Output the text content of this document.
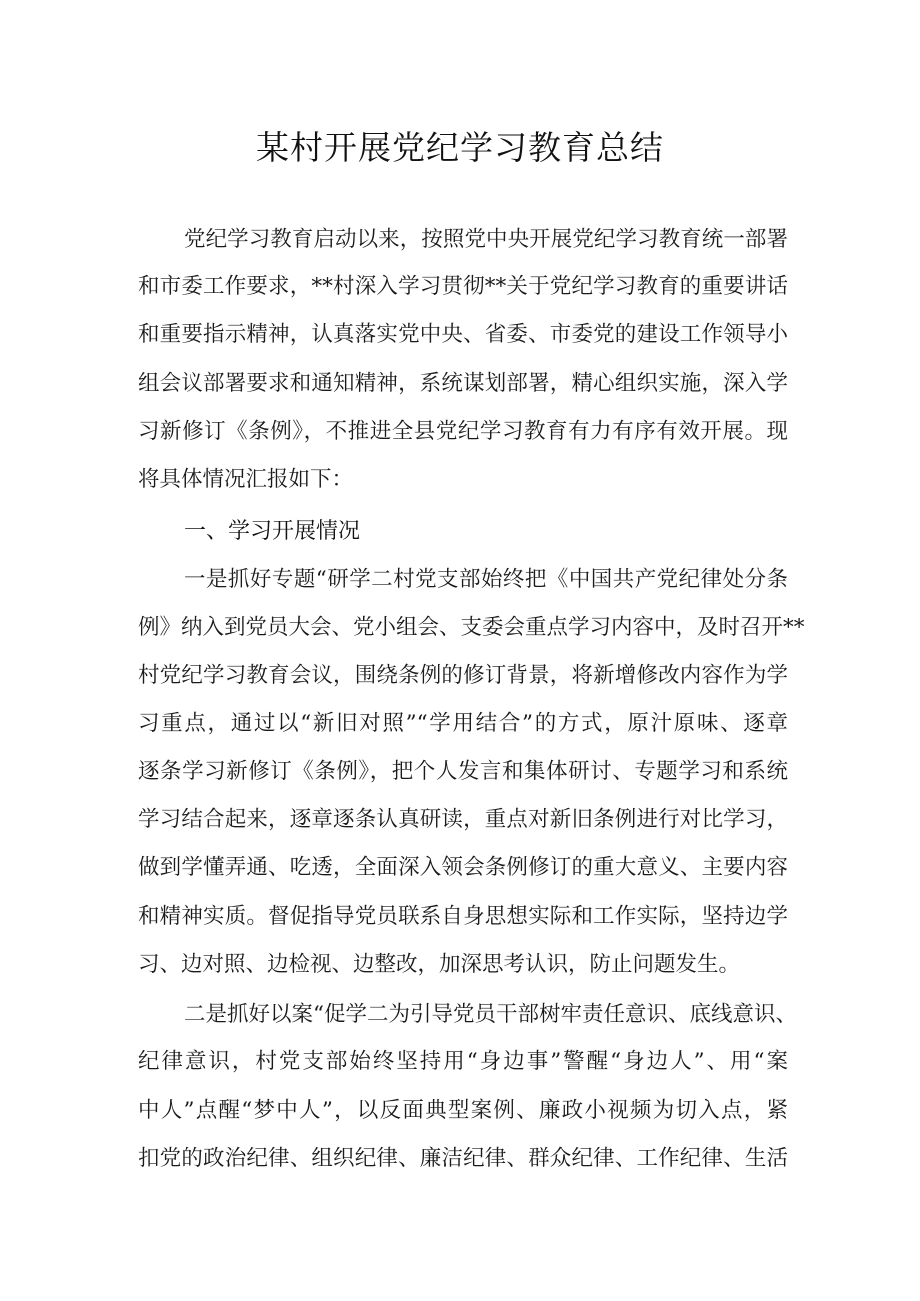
某村开展党纪学习教育总结

党纪学习教育启动以来，按照党中央开展党纪学习教育统一部署

和市委工作要求，**村深入学习贯彻**关于党纪学习教育的重要讲话

和重要指示精神，认真落实党中央、省委、市委党的建设工作领导小

组会议部署要求和通知精神，系统谋划部署，精心组织实施，深入学

习新修订《条例》，不推进全县党纪学习教育有力有序有效开展。现

将具体情况汇报如下：

一、学习开展情况

一是抓好专题“研学二村党支部始终把《中国共产党纪律处分条

例》纳入到党员大会、党小组会、支委会重点学习内容中，及时召开**

村党纪学习教育会议，围绕条例的修订背景，将新增修改内容作为学

习重点，通过以“新旧对照”“学用结合”的方式，原汁原味、逐章

逐条学习新修订《条例》，把个人发言和集体研讨、专题学习和系统

学习结合起来，逐章逐条认真研读，重点对新旧条例进行对比学习，

做到学懂弄通、吃透，全面深入领会条例修订的重大意义、主要内容

和精神实质。督促指导党员联系自身思想实际和工作实际，坚持边学

习、边对照、边检视、边整改，加深思考认识，防止问题发生。

二是抓好以案“促学二为引导党员干部树牢责任意识、底线意识、

纪律意识，村党支部始终坚持用“身边事”警醒“身边人”、用“案

中人”点醒“梦中人”，以反面典型案例、廉政小视频为切入点，紧

扣党的政治纪律、组织纪律、廉洁纪律、群众纪律、工作纪律、生活
